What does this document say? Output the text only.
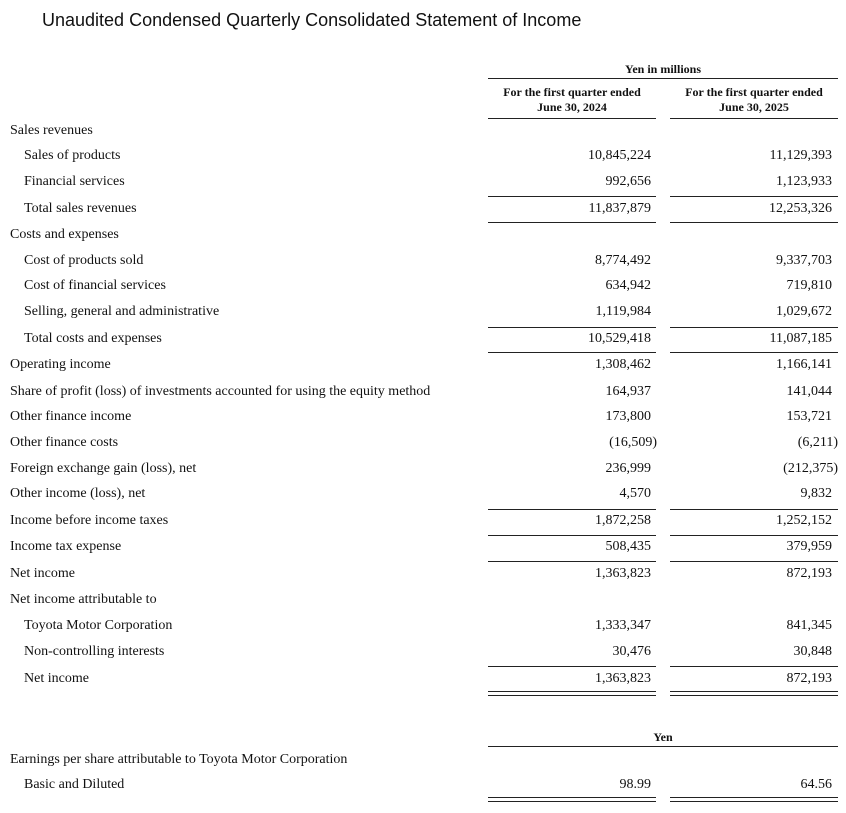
Unaudited Condensed Quarterly Consolidated Statement of Income
Yen in millions
For the first quarter ended
June 30, 2024
For the first quarter ended
June 30, 2025
Sales revenues
Sales of products	10,845,224	11,129,393
Financial services	992,656	1,123,933
Total sales revenues	11,837,879	12,253,326
Costs and expenses
Cost of products sold	8,774,492	9,337,703
Cost of financial services	634,942	719,810
Selling, general and administrative	1,119,984	1,029,672
Total costs and expenses	10,529,418	11,087,185
Operating income	1,308,462	1,166,141
Share of profit (loss) of investments accounted for using the equity method	164,937	141,044
Other finance income	173,800	153,721
Other finance costs	(16,509)	(6,211)
Foreign exchange gain (loss), net	236,999	(212,375)
Other income (loss), net	4,570	9,832
Income before income taxes	1,872,258	1,252,152
Income tax expense	508,435	379,959
Net income	1,363,823	872,193
Net income attributable to
Toyota Motor Corporation	1,333,347	841,345
Non-controlling interests	30,476	30,848
Net income	1,363,823	872,193
Yen
Earnings per share attributable to Toyota Motor Corporation
Basic and Diluted	98.99	64.56
